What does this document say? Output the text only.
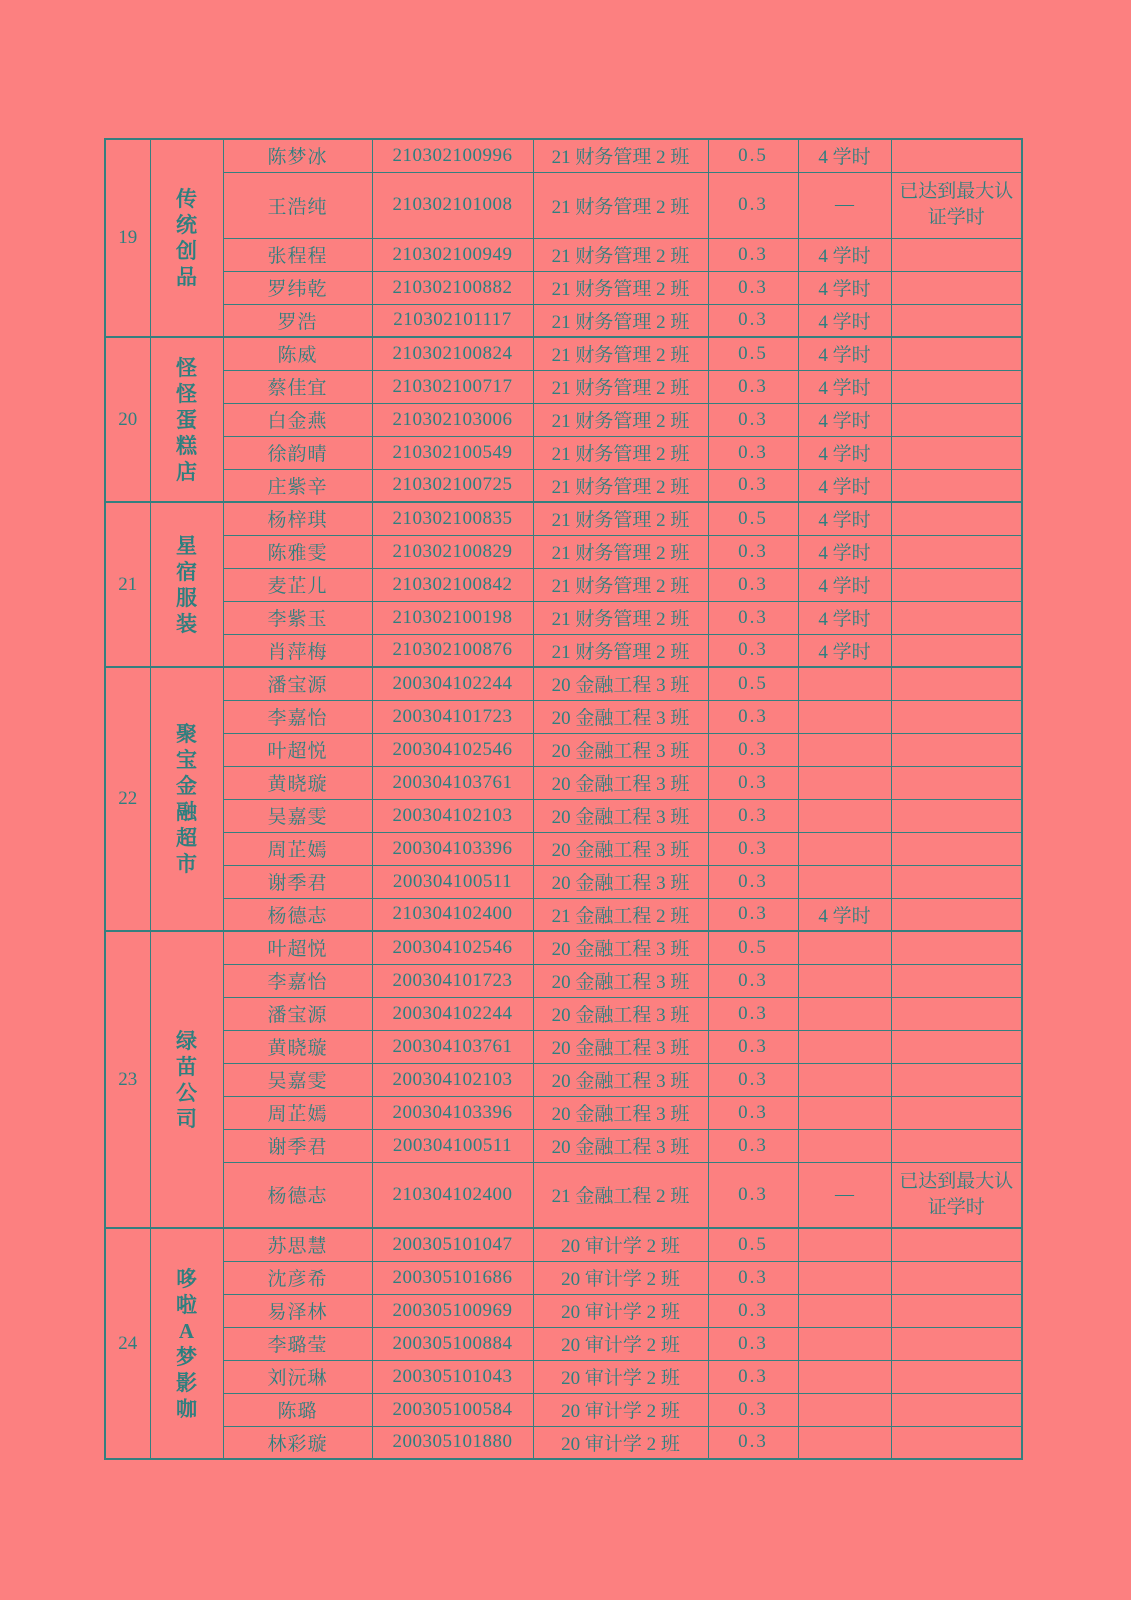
19	传统创品	陈梦冰	210302100996	21 财务管理 2 班	0.5	4 学时	
		王浩纯	210302101008	21 财务管理 2 班	0.3	—	已达到最大认证学时
		张程程	210302100949	21 财务管理 2 班	0.3	4 学时	
		罗纬乾	210302100882	21 财务管理 2 班	0.3	4 学时	
		罗浩	210302101117	21 财务管理 2 班	0.3	4 学时	
20	怪怪蛋糕店	陈威	210302100824	21 财务管理 2 班	0.5	4 学时	
		蔡佳宜	210302100717	21 财务管理 2 班	0.3	4 学时	
		白金燕	210302103006	21 财务管理 2 班	0.3	4 学时	
		徐韵晴	210302100549	21 财务管理 2 班	0.3	4 学时	
		庄紫辛	210302100725	21 财务管理 2 班	0.3	4 学时	
21	星宿服装	杨梓琪	210302100835	21 财务管理 2 班	0.5	4 学时	
		陈雅雯	210302100829	21 财务管理 2 班	0.3	4 学时	
		麦芷儿	210302100842	21 财务管理 2 班	0.3	4 学时	
		李紫玉	210302100198	21 财务管理 2 班	0.3	4 学时	
		肖萍梅	210302100876	21 财务管理 2 班	0.3	4 学时	
22	聚宝金融超市	潘宝源	200304102244	20 金融工程 3 班	0.5		
		李嘉怡	200304101723	20 金融工程 3 班	0.3		
		叶超悦	200304102546	20 金融工程 3 班	0.3		
		黄晓璇	200304103761	20 金融工程 3 班	0.3		
		吴嘉雯	200304102103	20 金融工程 3 班	0.3		
		周芷嫣	200304103396	20 金融工程 3 班	0.3		
		谢季君	200304100511	20 金融工程 3 班	0.3		
		杨德志	210304102400	21 金融工程 2 班	0.3	4 学时	
23	绿苗公司	叶超悦	200304102546	20 金融工程 3 班	0.5		
		李嘉怡	200304101723	20 金融工程 3 班	0.3		
		潘宝源	200304102244	20 金融工程 3 班	0.3		
		黄晓璇	200304103761	20 金融工程 3 班	0.3		
		吴嘉雯	200304102103	20 金融工程 3 班	0.3		
		周芷嫣	200304103396	20 金融工程 3 班	0.3		
		谢季君	200304100511	20 金融工程 3 班	0.3		
		杨德志	210304102400	21 金融工程 2 班	0.3	—	已达到最大认证学时
24	哆啦A梦影咖	苏思慧	200305101047	20 审计学 2 班	0.5		
		沈彦希	200305101686	20 审计学 2 班	0.3		
		易泽林	200305100969	20 审计学 2 班	0.3		
		李璐莹	200305100884	20 审计学 2 班	0.3		
		刘沅琳	200305101043	20 审计学 2 班	0.3		
		陈璐	200305100584	20 审计学 2 班	0.3		
		林彩璇	200305101880	20 审计学 2 班	0.3		
